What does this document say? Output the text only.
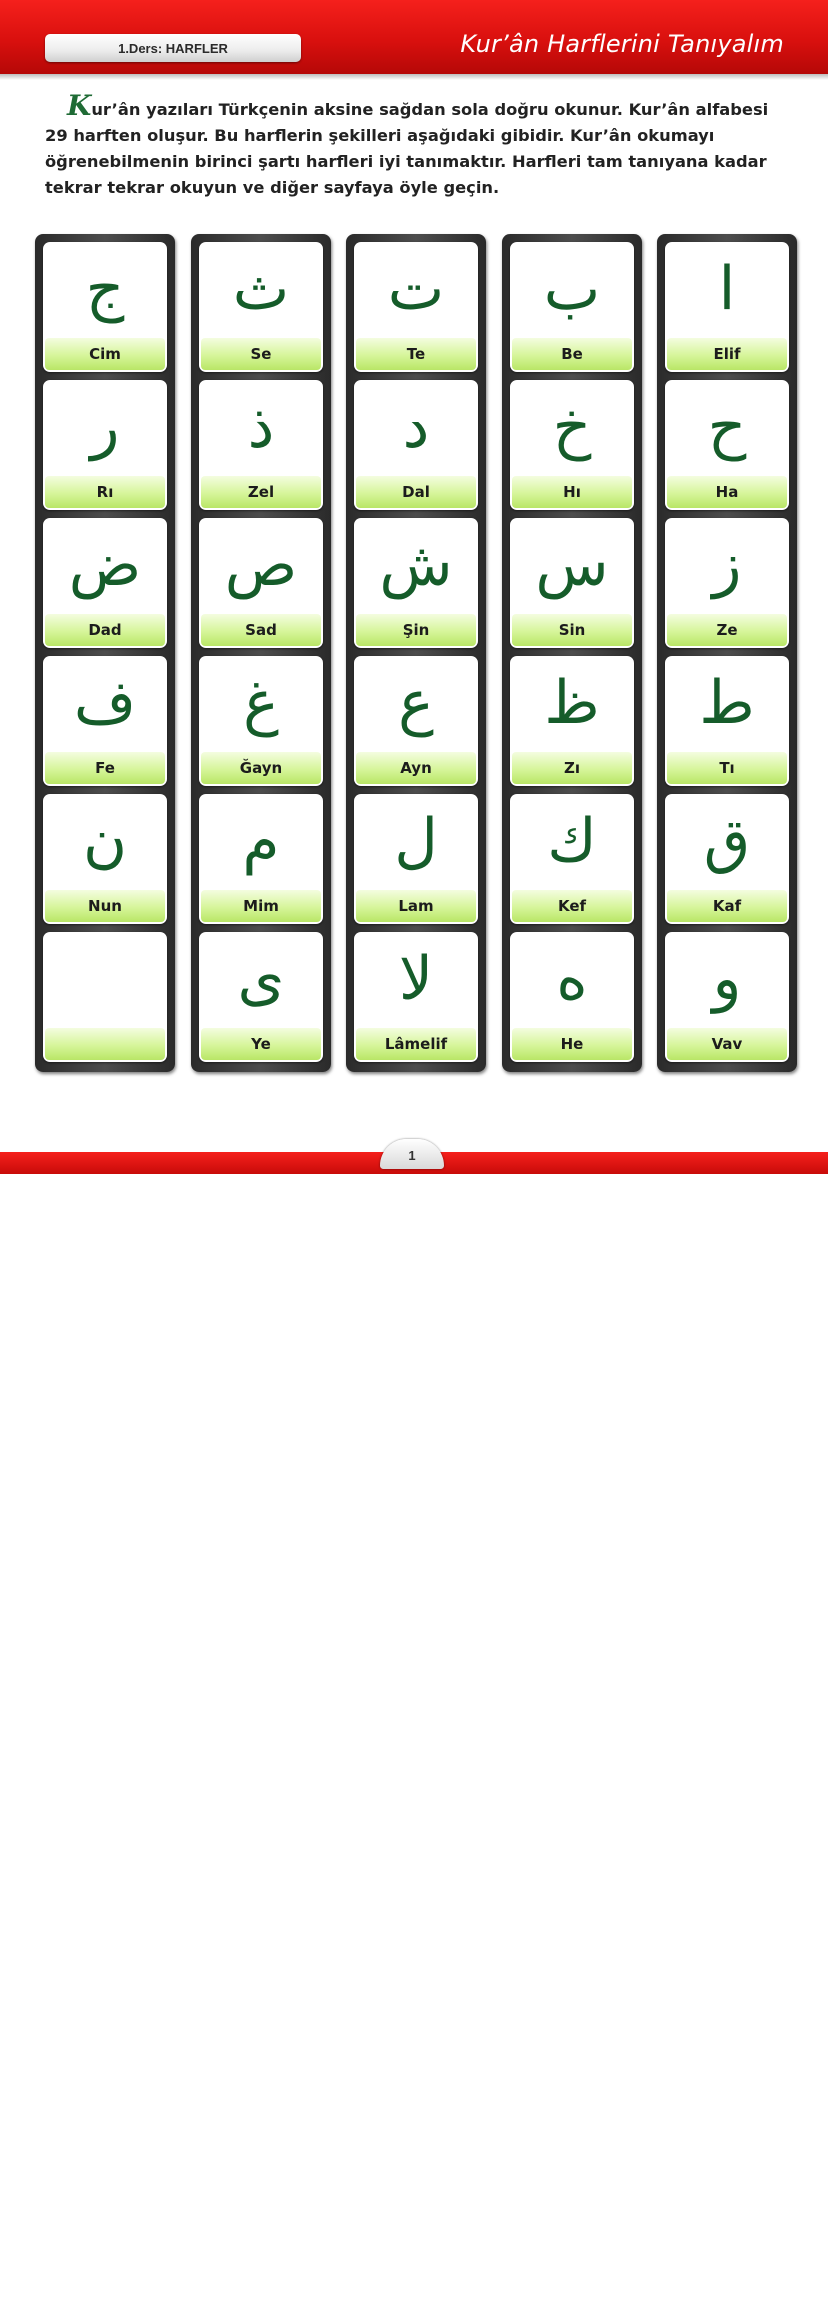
1.Ders: HARFLER	Kur’ân Harflerini Tanıyalım

Kur’ân yazıları Türkçenin aksine sağdan sola doğru okunur. Kur’ân alfabesi 29 harften oluşur. Bu harflerin şekilleri aşağıdaki gibidir. Kur’ân okumayı öğrenebilmenin birinci şartı harfleri iyi tanımaktır. Harfleri tam tanıyana kadar tekrar tekrar okuyun ve diğer sayfaya öyle geçin.

ج
Cim
ر
Rı
ض
Dad
ف
Fe
ن
Nun
ث
Se
ذ
Zel
ص
Sad
غ
Ğayn
م
Mim
ى
Ye
ت
Te
د
Dal
ش
Şin
ع
Ayn
ل
Lam
لا
Lâmelif
ب
Be
خ
Hı
س
Sin
ظ
Zı
ك
Kef
ه
He
ا
Elif
ح
Ha
ز
Ze
ط
Tı
ق
Kaf
و
Vav
www.risaleokul.com
1
